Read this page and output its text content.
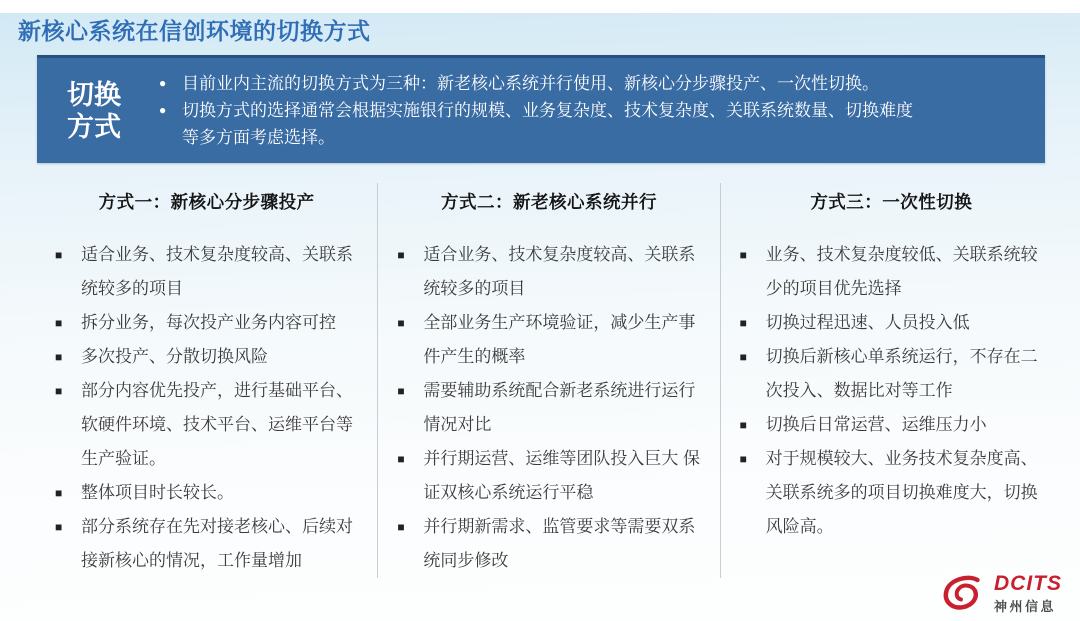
新核心系统在信创环境的切换方式
切换
方式
● 目前业内主流的切换方式为三种：新老核心系统并行使用、新核心分步骤投产、一次性切换。
● 切换方式的选择通常会根据实施银行的规模、业务复杂度、技术复杂度、关联系统数量、切换难度等多方面考虑选择。
方式一：新核心分步骤投产
■ 适合业务、技术复杂度较高、关联系统较多的项目
■ 拆分业务，每次投产业务内容可控
■ 多次投产、分散切换风险
■ 部分内容优先投产，进行基础平台、软硬件环境、技术平台、运维平台等生产验证。
■ 整体项目时长较长。
■ 部分系统存在先对接老核心、后续对接新核心的情况，工作量增加
方式二：新老核心系统并行
■ 适合业务、技术复杂度较高、关联系统较多的项目
■ 全部业务生产环境验证，减少生产事件产生的概率
■ 需要辅助系统配合新老系统进行运行情况对比
■ 并行期运营、运维等团队投入巨大 保证双核心系统运行平稳
■ 并行期新需求、监管要求等需要双系统同步修改
方式三：一次性切换
■ 业务、技术复杂度较低、关联系统较少的项目优先选择
■ 切换过程迅速、人员投入低
■ 切换后新核心单系统运行，不存在二次投入、数据比对等工作
■ 切换后日常运营、运维压力小
■ 对于规模较大、业务技术复杂度高、关联系统多的项目切换难度大，切换风险高。
DCITS
神州信息
